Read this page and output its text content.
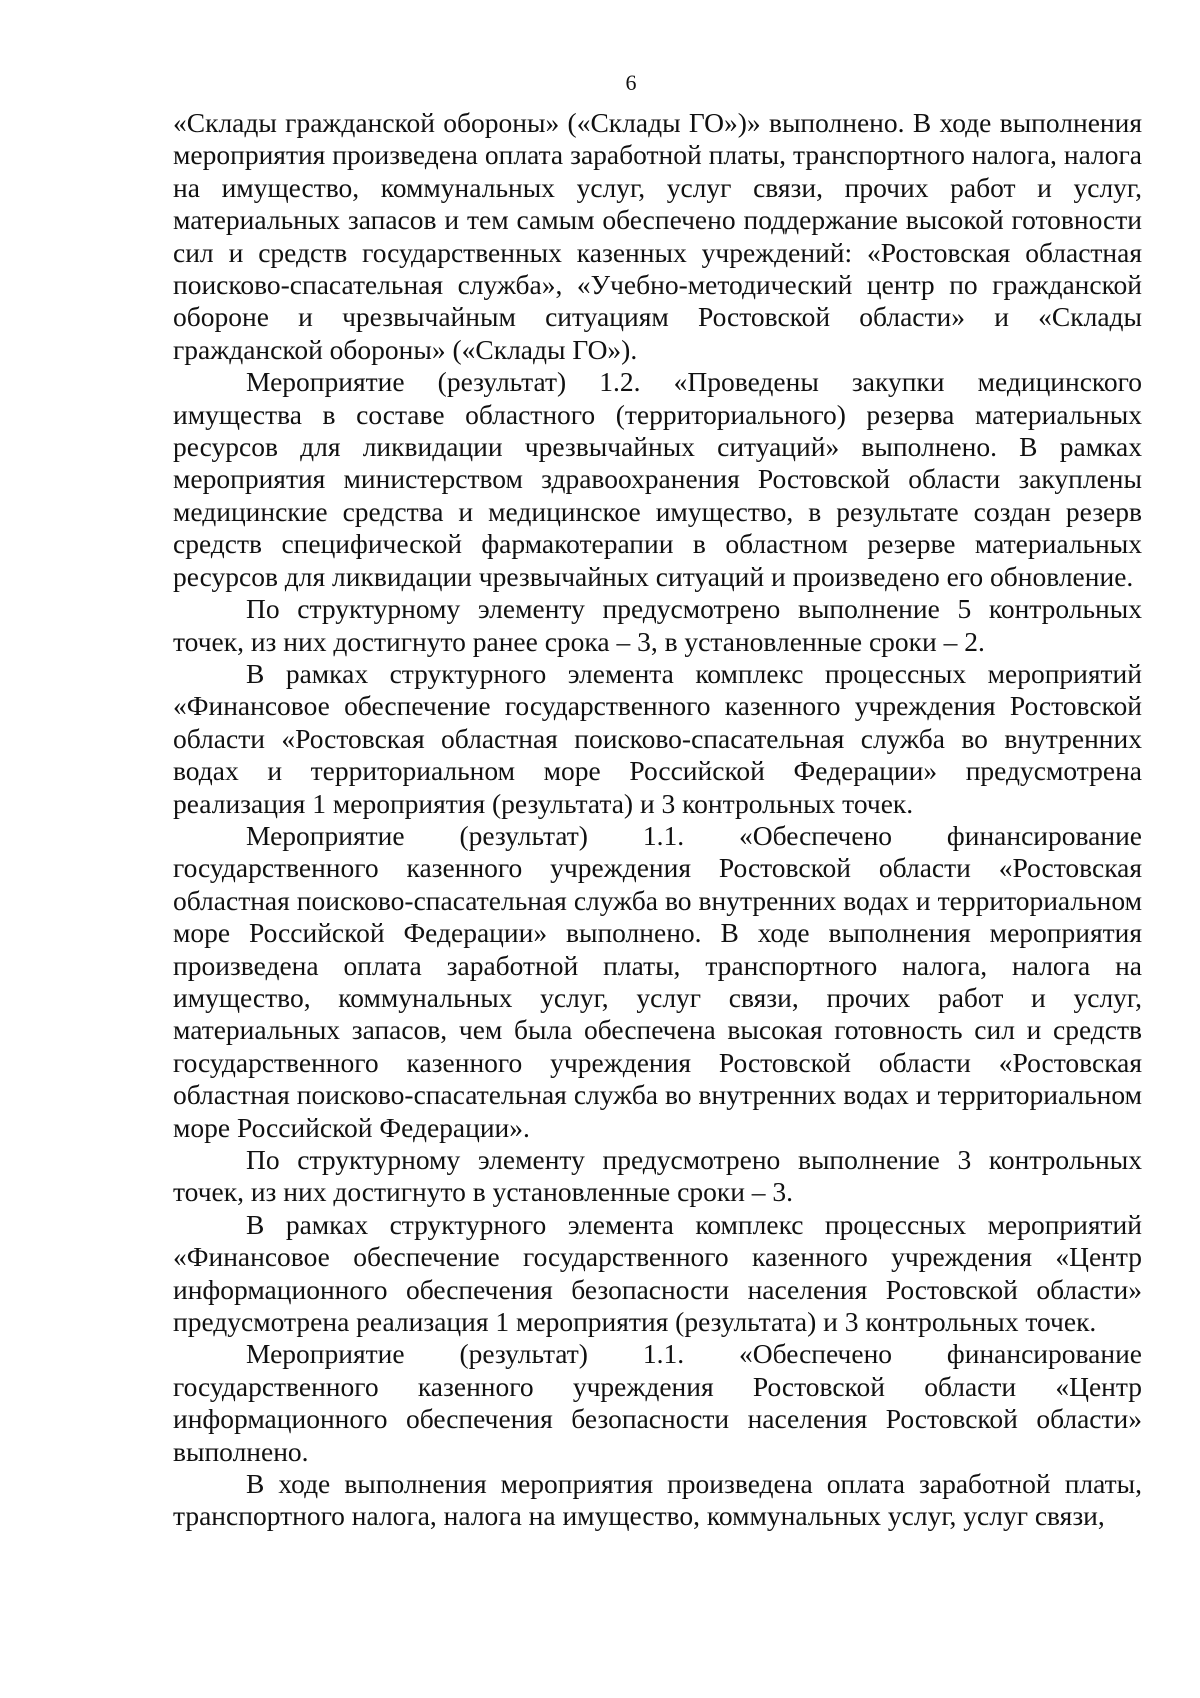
6

«Склады гражданской обороны» («Склады ГО»)» выполнено. В ходе выполнения мероприятия произведена оплата заработной платы, транспортного налога, налога на имущество, коммунальных услуг, услуг связи, прочих работ и услуг, материальных запасов и тем самым обеспечено поддержание высокой готовности сил и средств государственных казенных учреждений: «Ростовская областная поисково-спасательная служба», «Учебно-методический центр по гражданской обороне и чрезвычайным ситуациям Ростовской области» и «Склады гражданской обороны» («Склады ГО»).

Мероприятие (результат) 1.2. «Проведены закупки медицинского имущества в составе областного (территориального) резерва материальных ресурсов для ликвидации чрезвычайных ситуаций» выполнено. В рамках мероприятия министерством здравоохранения Ростовской области закуплены медицинские средства и медицинское имущество, в результате создан резерв средств специфической фармакотерапии в областном резерве материальных ресурсов для ликвидации чрезвычайных ситуаций и произведено его обновление.

По структурному элементу предусмотрено выполнение 5 контрольных точек, из них достигнуто ранее срока – 3, в установленные сроки – 2.

В рамках структурного элемента комплекс процессных мероприятий «Финансовое обеспечение государственного казенного учреждения Ростовской области «Ростовская областная поисково-спасательная служба во внутренних водах и территориальном море Российской Федерации» предусмотрена реализация 1 мероприятия (результата) и 3 контрольных точек.

Мероприятие (результат) 1.1. «Обеспечено финансирование государственного казенного учреждения Ростовской области «Ростовская областная поисково-спасательная служба во внутренних водах и территориальном море Российской Федерации» выполнено. В ходе выполнения мероприятия произведена оплата заработной платы, транспортного налога, налога на имущество, коммунальных услуг, услуг связи, прочих работ и услуг, материальных запасов, чем была обеспечена высокая готовность сил и средств государственного казенного учреждения Ростовской области «Ростовская областная поисково-спасательная служба во внутренних водах и территориальном море Российской Федерации».

По структурному элементу предусмотрено выполнение 3 контрольных точек, из них достигнуто в установленные сроки – 3.

В рамках структурного элемента комплекс процессных мероприятий «Финансовое обеспечение государственного казенного учреждения «Центр информационного обеспечения безопасности населения Ростовской области» предусмотрена реализация 1 мероприятия (результата) и 3 контрольных точек.

Мероприятие (результат) 1.1. «Обеспечено финансирование государственного казенного учреждения Ростовской области «Центр информационного обеспечения безопасности населения Ростовской области» выполнено.

В ходе выполнения мероприятия произведена оплата заработной платы, транспортного налога, налога на имущество, коммунальных услуг, услуг связи,
